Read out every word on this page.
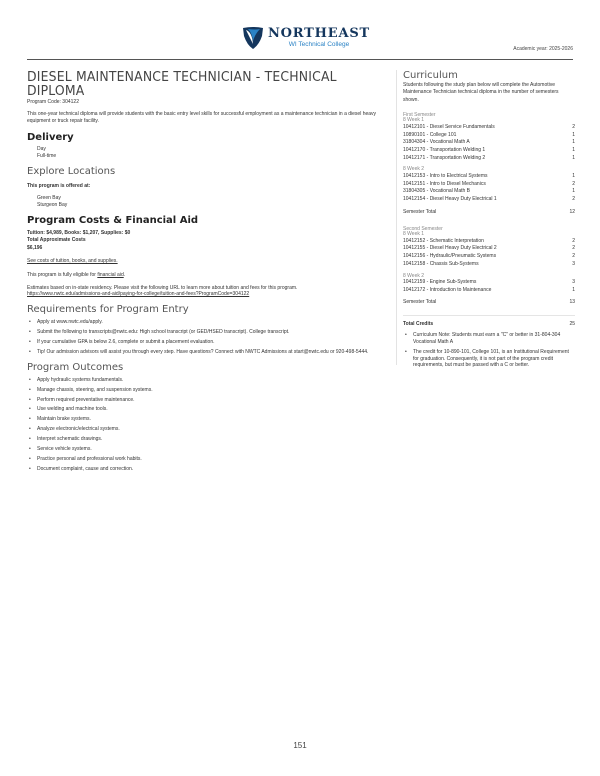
NORTHEAST
WI Technical College
Academic year: 2025-2026
DIESEL MAINTENANCE TECHNICIAN - TECHNICAL DIPLOMA
Program Code: 304122

This one-year technical diploma will provide students with the basic entry level skills for successful employment as a maintenance technician in a diesel heavy equipment or truck repair facility.

Delivery
Day
Full-time
Explore Locations

This program is offered at:

Green Bay
Sturgeon Bay
Program Costs & Financial Aid
Tuition: $4,989, Books: $1,207, Supplies: $0
Total Approximate Costs
$6,196

See costs of tuition, books, and supplies.

This program is fully eligible for financial aid.

Estimates based on in-state residency. Please visit the following URL to learn more about tuition and fees for this program.
https://www.nwtc.edu/admissions-and-aid/paying-for-college/tuition-and-fees?ProgramCode=304122

Requirements for Program Entry
• Apply at www.nwtc.edu/apply.
• Submit the following to transcripts@nwtc.edu: High school transcript (or GED/HSED transcript). College transcript.
• If your cumulative GPA is below 2.6, complete or submit a placement evaluation.
• Tip! Our admission advisors will assist you through every step. Have questions? Connect with NWTC Admissions at start@nwtc.edu or 920-498-5444.
Program Outcomes
• Apply hydraulic systems fundamentals.
• Manage chassis, steering, and suspension systems.
• Perform required preventative maintenance.
• Use welding and machine tools.
• Maintain brake systems.
• Analyze electronic/electrical systems.
• Interpret schematic drawings.
• Service vehicle systems.
• Practice personal and professional work habits.
• Document complaint, cause and correction.
Curriculum

Students following the study plan below will complete the Automotive Maintenance Technician technical diploma in the number of semesters shown.

First Semester
8 Week 1
10412101 - Diesel Service Fundamentals	2
10890101 - College 101	1
31804304 - Vocational Math A	1
10412170 - Transportation Welding 1	1
10412171 - Transportation Welding 2	1
8 Week 2
10412153 - Intro to Electrical Systems	1
10412151 - Intro to Diesel Mechanics	2
31804305 - Vocational Math B	1
10412154 - Diesel Heavy Duty Electrical 1	2
Semester Total	12
Second Semester
8 Week 1
10412152 - Schematic Interpretation	2
10412155 - Diesel Heavy Duty Electrical 2	2
10412156 - Hydraulic/Pneumatic Systems	2
10412158 - Chassis Sub-Systems	3
8 Week 2
10412159 - Engine Sub-Systems	3
10412172 - Introduction to Maintenance	1
Semester Total	13
Total Credits	25
• Curriculum Note: Students must earn a "C" or better in 31-804-304 Vocational Math A
• The credit for 10-890-101, College 101, is an Institutional Requirement for graduation. Consequently, it is not part of the program credit requirements, but must be passed with a C or better.
151
